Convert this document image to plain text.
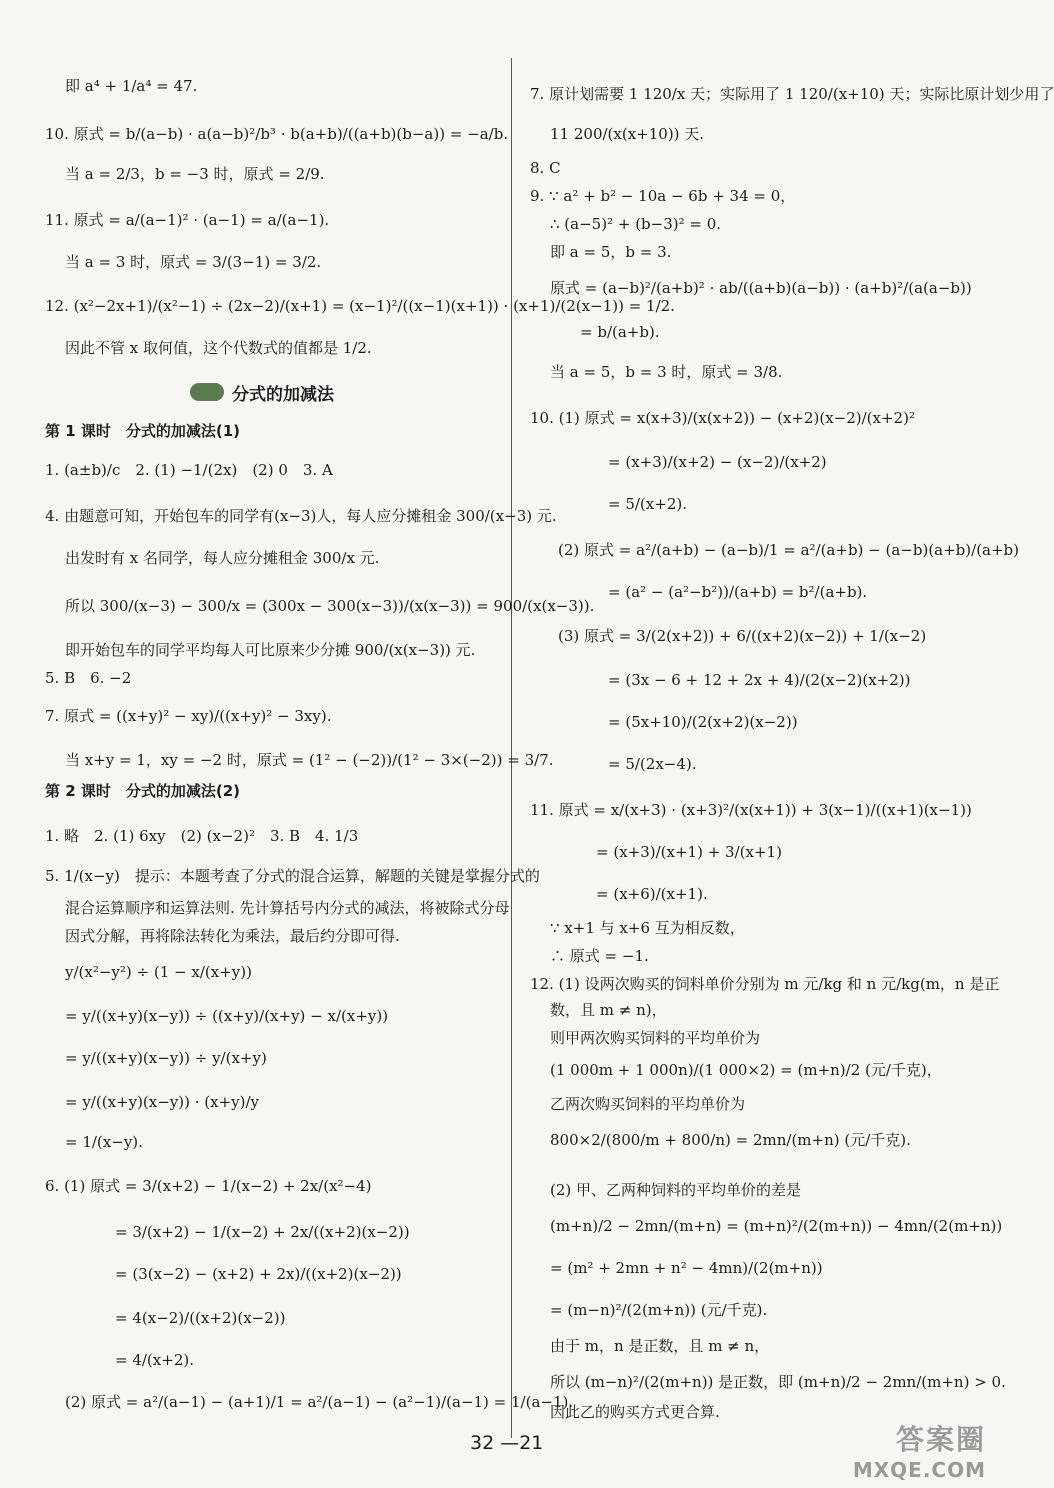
即 a⁴ + 1/a⁴ = 47.
10. 原式 = b/(a−b) · a(a−b)²/b³ · b(a+b)/((a+b)(b−a)) = −a/b.
当 a = 2/3，b = −3 时，原式 = 2/9.
11. 原式 = a/(a−1)² · (a−1) = a/(a−1).
当 a = 3 时，原式 = 3/(3−1) = 3/2.
12. (x²−2x+1)/(x²−1) ÷ (2x−2)/(x+1) = (x−1)²/((x−1)(x+1)) · (x+1)/(2(x−1)) = 1/2.
因此不管 x 取何值，这个代数式的值都是 1/2.
1. (a±b)/c　2. (1) −1/(2x)　(2) 0　3. A
4. 由题意可知，开始包车的同学有(x−3)人，每人应分摊租金 300/(x−3) 元.
出发时有 x 名同学，每人应分摊租金 300/x 元.
所以 300/(x−3) − 300/x = (300x − 300(x−3))/(x(x−3)) = 900/(x(x−3)).
即开始包车的同学平均每人可比原来少分摊 900/(x(x−3)) 元.
5. B　6. −2
7. 原式 = ((x+y)² − xy)/((x+y)² − 3xy).
当 x+y = 1，xy = −2 时，原式 = (1² − (−2))/(1² − 3×(−2)) = 3/7.
1. 略　2. (1) 6xy　(2) (x−2)²　3. B　4. 1/3
5. 1/(x−y)　提示：本题考查了分式的混合运算，解题的关键是掌握分式的
混合运算顺序和运算法则. 先计算括号内分式的减法，将被除式分母
因式分解，再将除法转化为乘法，最后约分即可得.
y/(x²−y²) ÷ (1 − x/(x+y))
= y/((x+y)(x−y)) ÷ ((x+y)/(x+y) − x/(x+y))
= y/((x+y)(x−y)) ÷ y/(x+y)
= y/((x+y)(x−y)) · (x+y)/y
= 1/(x−y).
6. (1) 原式 = 3/(x+2) − 1/(x−2) + 2x/(x²−4)
= 3/(x+2) − 1/(x−2) + 2x/((x+2)(x−2))
= (3(x−2) − (x+2) + 2x)/((x+2)(x−2))
= 4(x−2)/((x+2)(x−2))
= 4/(x+2).
(2) 原式 = a²/(a−1) − (a+1)/1 = a²/(a−1) − (a²−1)/(a−1) = 1/(a−1).
7. 原计划需要 1 120/x 天；实际用了 1 120/(x+10) 天；实际比原计划少用了
11 200/(x(x+10)) 天.
8. C
9. ∵ a² + b² − 10a − 6b + 34 = 0，
∴ (a−5)² + (b−3)² = 0.
即 a = 5，b = 3.
原式 = (a−b)²/(a+b)² · ab/((a+b)(a−b)) · (a+b)²/(a(a−b))
= b/(a+b).
当 a = 5，b = 3 时，原式 = 3/8.
10. (1) 原式 = x(x+3)/(x(x+2)) − (x+2)(x−2)/(x+2)²
= (x+3)/(x+2) − (x−2)/(x+2)
= 5/(x+2).
(2) 原式 = a²/(a+b) − (a−b)/1 = a²/(a+b) − (a−b)(a+b)/(a+b)
= (a² − (a²−b²))/(a+b) = b²/(a+b).
(3) 原式 = 3/(2(x+2)) + 6/((x+2)(x−2)) + 1/(x−2)
= (3x − 6 + 12 + 2x + 4)/(2(x−2)(x+2))
= (5x+10)/(2(x+2)(x−2))
= 5/(2x−4).
11. 原式 = x/(x+3) · (x+3)²/(x(x+1)) + 3(x−1)/((x+1)(x−1))
= (x+3)/(x+1) + 3/(x+1)
= (x+6)/(x+1).
∵ x+1 与 x+6 互为相反数，
∴ 原式 = −1.
12. (1) 设两次购买的饲料单价分别为 m 元/kg 和 n 元/kg(m，n 是正
数，且 m ≠ n)，
则甲两次购买饲料的平均单价为
(1 000m + 1 000n)/(1 000×2) = (m+n)/2 (元/千克)，
乙两次购买饲料的平均单价为
800×2/(800/m + 800/n) = 2mn/(m+n) (元/千克).
(2) 甲、乙两种饲料的平均单价的差是
(m+n)/2 − 2mn/(m+n) = (m+n)²/(2(m+n)) − 4mn/(2(m+n))
= (m² + 2mn + n² − 4mn)/(2(m+n))
= (m−n)²/(2(m+n)) (元/千克).
由于 m，n 是正数，且 m ≠ n，
所以 (m−n)²/(2(m+n)) 是正数，即 (m+n)/2 − 2mn/(m+n) > 0.
因此乙的购买方式更合算.
分式的加减法
第 1 课时　分式的加减法(1)
第 2 课时　分式的加减法(2)
32 —21	答案圈
MXQE.COM
